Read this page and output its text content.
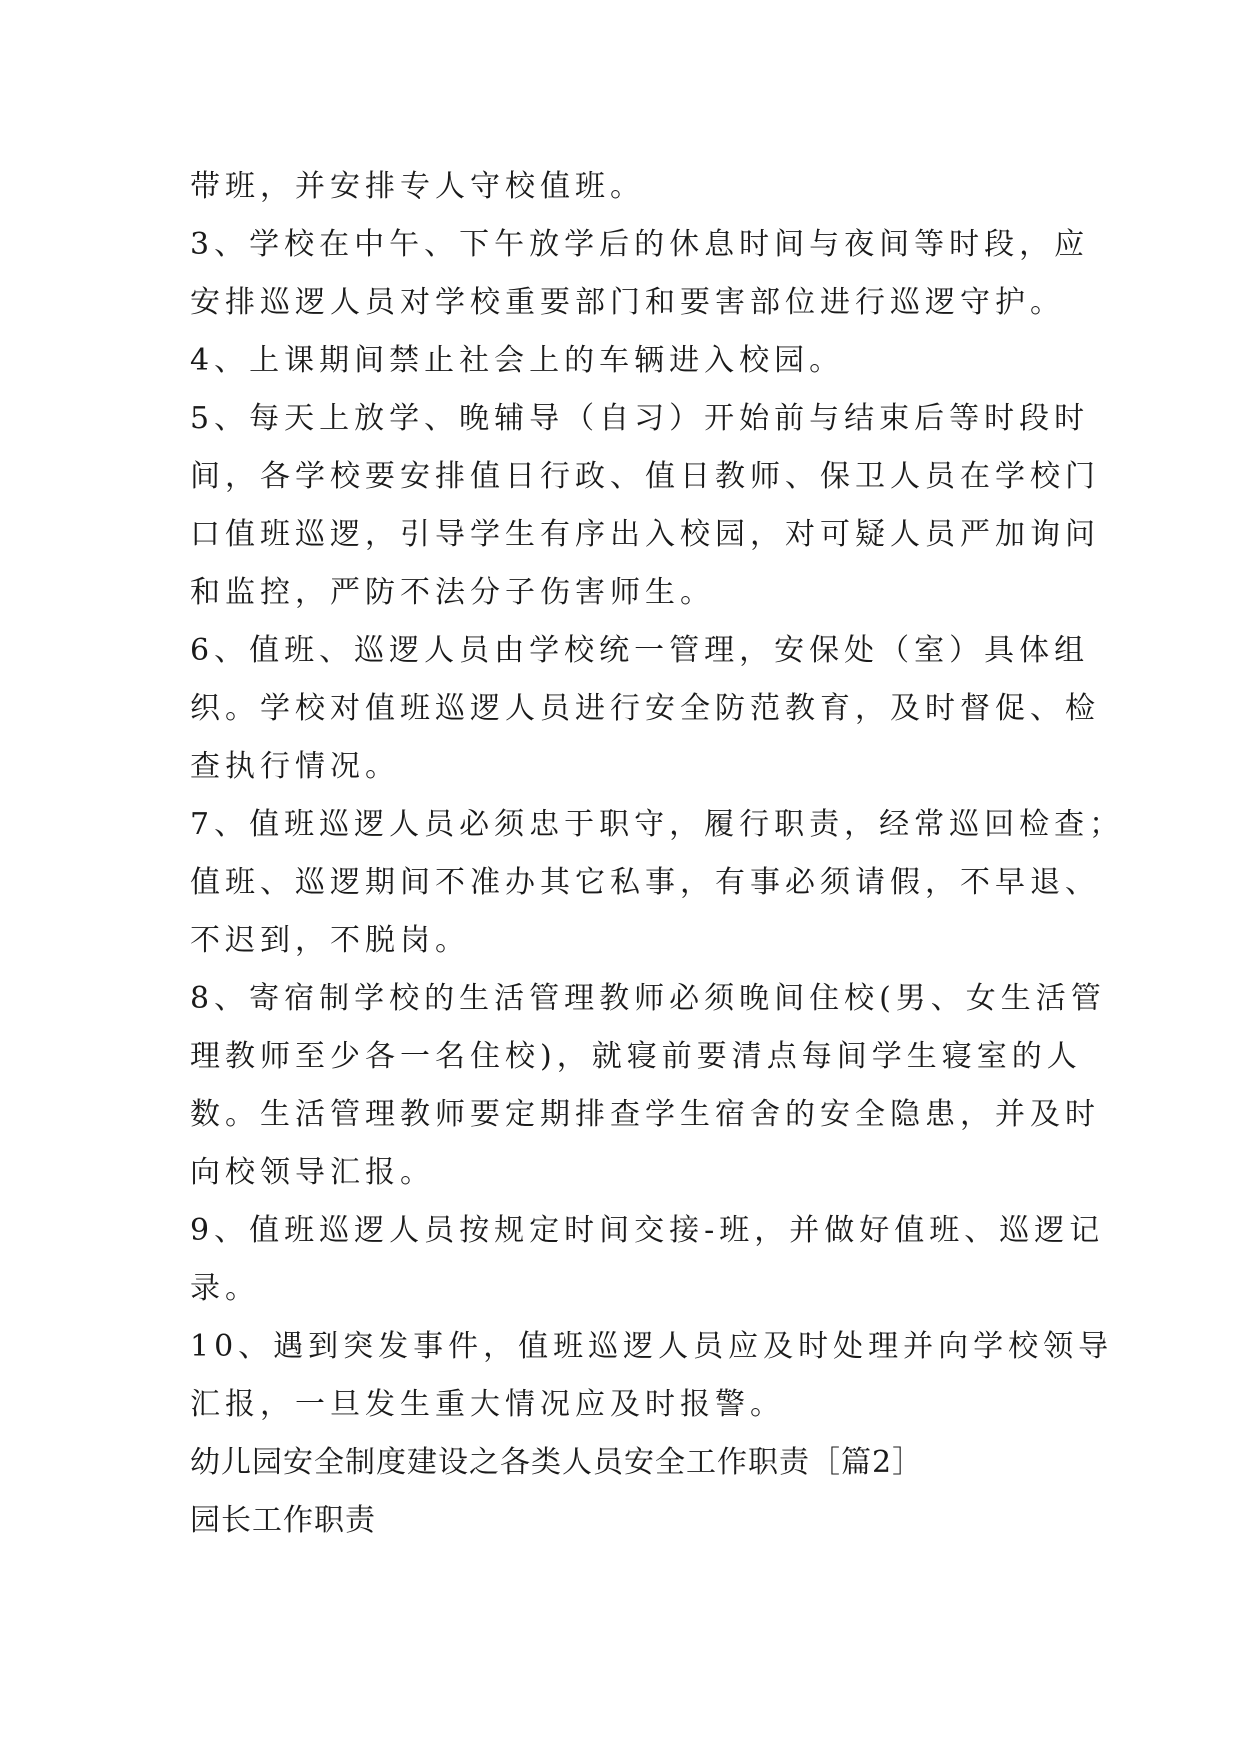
带班，并安排专人守校值班。
3、学校在中午、下午放学后的休息时间与夜间等时段，应
安排巡逻人员对学校重要部门和要害部位进行巡逻守护。
4、上课期间禁止社会上的车辆进入校园。
5、每天上放学、晚辅导（自习）开始前与结束后等时段时
间，各学校要安排值日行政、值日教师、保卫人员在学校门
口值班巡逻，引导学生有序出入校园，对可疑人员严加询问
和监控，严防不法分子伤害师生。
6、值班、巡逻人员由学校统一管理，安保处（室）具体组
织。学校对值班巡逻人员进行安全防范教育，及时督促、检
查执行情况。
7、值班巡逻人员必须忠于职守，履行职责，经常巡回检查；
值班、巡逻期间不准办其它私事，有事必须请假，不早退、
不迟到，不脱岗。
8、寄宿制学校的生活管理教师必须晚间住校(男、女生活管
理教师至少各一名住校)，就寝前要清点每间学生寝室的人
数。生活管理教师要定期排查学生宿舍的安全隐患，并及时
向校领导汇报。
9、值班巡逻人员按规定时间交接-班，并做好值班、巡逻记
录。
10、遇到突发事件，值班巡逻人员应及时处理并向学校领导
汇报，一旦发生重大情况应及时报警。
幼儿园安全制度建设之各类人员安全工作职责［篇2］
园长工作职责
